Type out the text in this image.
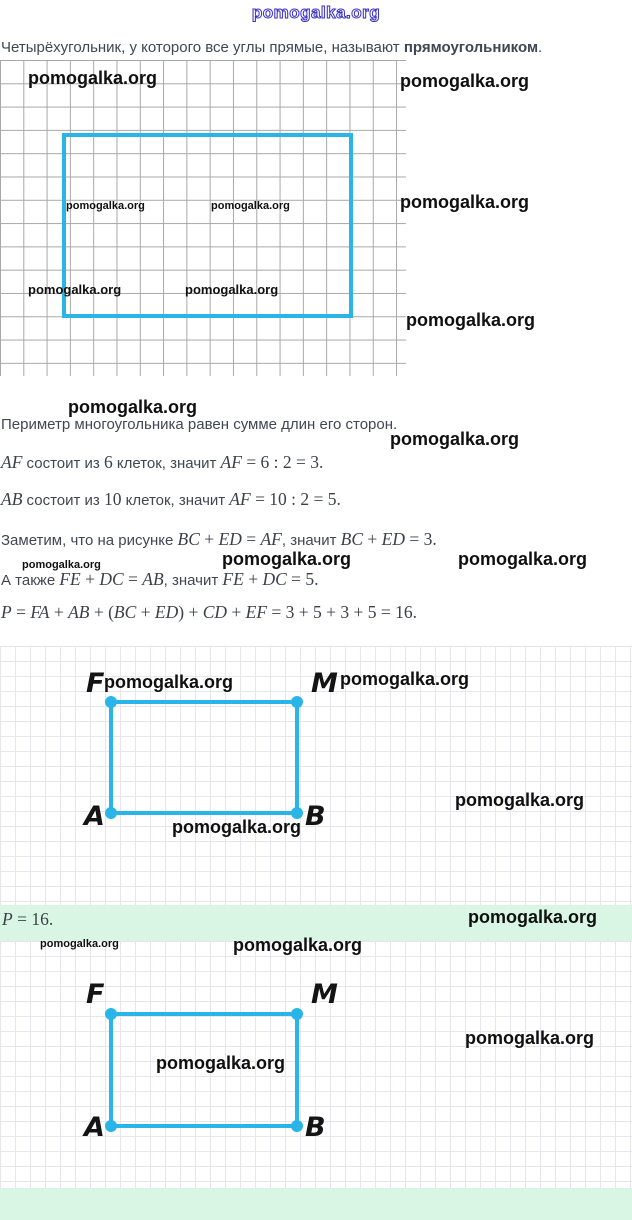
pomogalka.org
Четырёхугольник, у которого все углы прямые, называют прямоугольником.
pomogalka.org	pomogalka.org
pomogalka.org	pomogalka.org	pomogalka.org
pomogalka.org	pomogalka.org
pomogalka.org
pomogalka.org
Периметр многоугольника равен сумме длин его сторон.
pomogalka.org
AF состоит из 6 клеток, значит AF = 6 : 2 = 3.
AB состоит из 10 клеток, значит AF = 10 : 2 = 5.
Заметим, что на рисунке BC + ED = AF, значит BC + ED = 3.
pomogalka.org	pomogalka.org	pomogalka.org
А также FE + DC = AB, значит FE + DC = 5.
P = FA + AB + (BC + ED) + CD + EF = 3 + 5 + 3 + 5 = 16.
F	M
A	B
pomogalka.org	pomogalka.org
pomogalka.org
pomogalka.org
P = 16.	pomogalka.org
pomogalka.org	pomogalka.org
F	M
A	B
pomogalka.org
pomogalka.org
